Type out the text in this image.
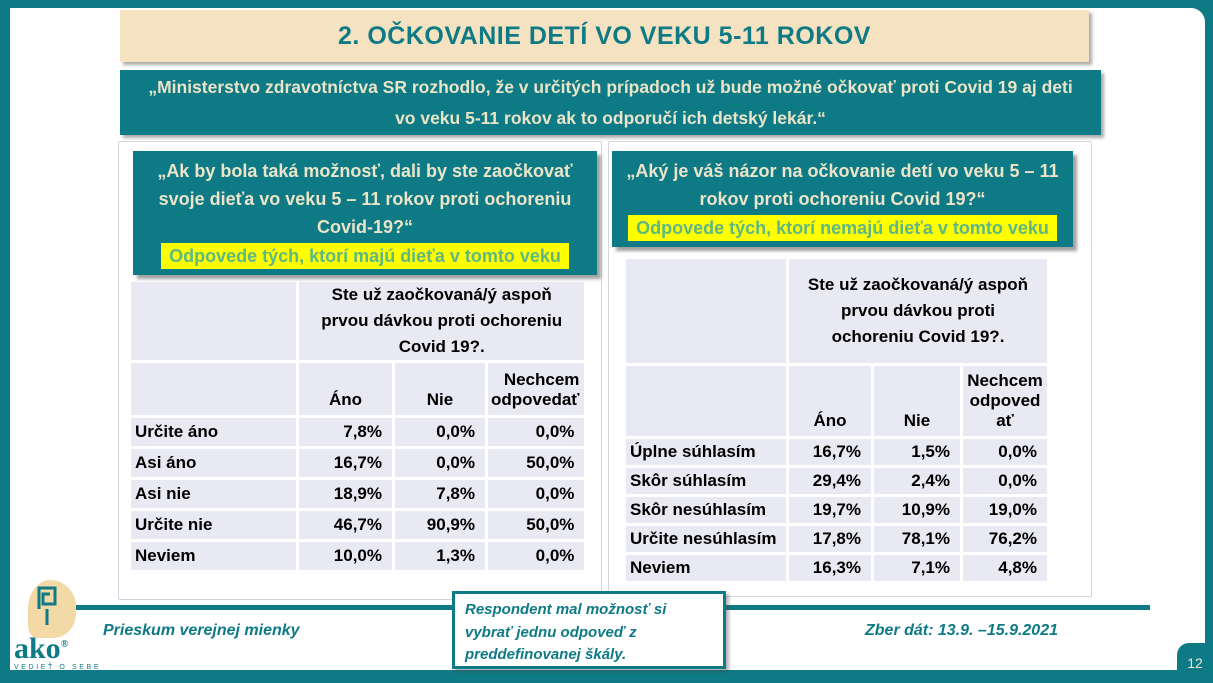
2. OČKOVANIE DETÍ VO VEKU 5-11 ROKOV
„Ministerstvo zdravotníctva SR rozhodlo, že v určitých prípadoch už bude možné očkovať proti Covid 19 aj deti vo veku 5-11 rokov ak to odporučí ich detský lekár.“
„Ak by bola taká možnosť, dali by ste zaočkovať svoje dieťa vo veku 5 – 11 rokov proti ochoreniu Covid-19?“
Odpovede tých, ktorí majú dieťa v tomto veku
	Ste už zaočkovaná/ý aspoň prvou dávkou proti ochoreniu Covid 19?.		
	Áno	Nie	Nechcem odpovedať
Určite áno	7,8%	0,0%	0,0%
Asi áno	16,7%	0,0%	50,0%
Asi nie	18,9%	7,8%	0,0%
Určite nie	46,7%	90,9%	50,0%
Neviem	10,0%	1,3%	0,0%
„Aký je váš názor na očkovanie detí vo veku 5 – 11 rokov proti ochoreniu Covid 19?“
Odpovede tých, ktorí nemajú dieťa v tomto veku
	Ste už zaočkovaná/ý aspoň prvou dávkou proti ochoreniu Covid 19?.		
	Áno	Nie	Nechcem odpovedať
Úplne súhlasím	16,7%	1,5%	0,0%
Skôr súhlasím	29,4%	2,4%	0,0%
Skôr nesúhlasím	19,7%	10,9%	19,0%
Určite nesúhlasím	17,8%	78,1%	76,2%
Neviem	16,3%	7,1%	4,8%
ako®
VEDIEŤ O SEBE
Prieskum verejnej mienky
Respondent mal možnosť si vybrať jednu odpoveď z preddefinovanej škály.
Zber dát: 13.9. –15.9.2021
12
